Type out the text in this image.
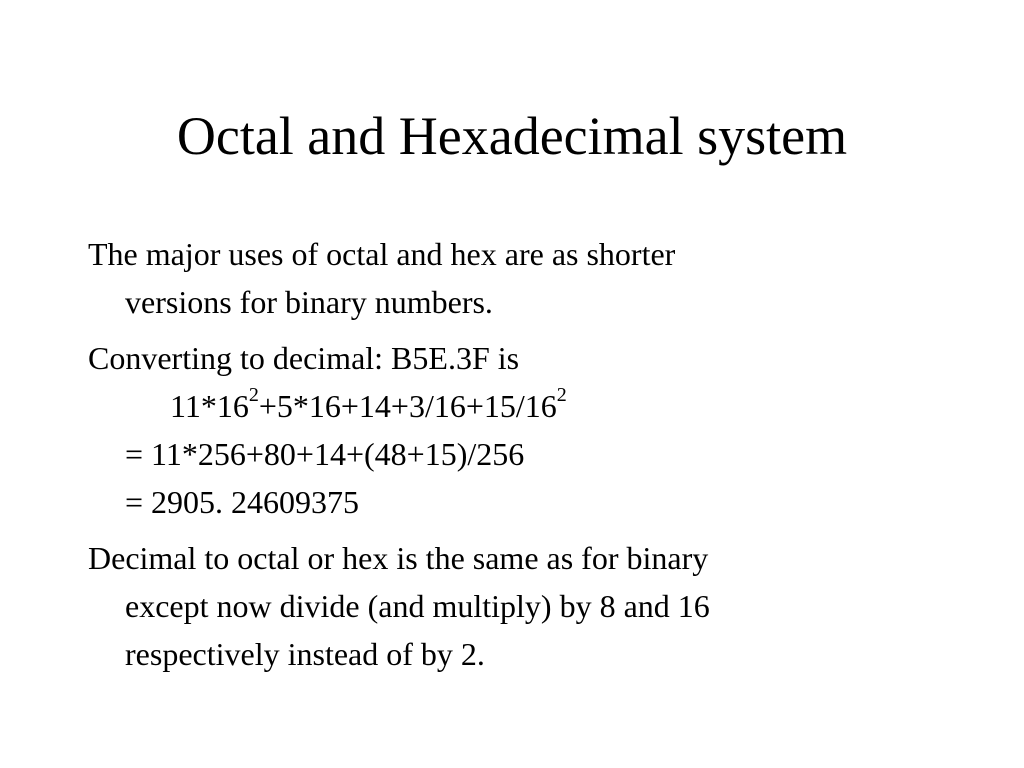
Octal and Hexadecimal system
The major uses of octal and hex are as shorter
versions for binary numbers.
Converting to decimal: B5E.3F is
$11*16^2+5*16+14+3/16+15/16^2$
= 11*256+80+14+(48+15)/256
= 2905. 24609375
Decimal to octal or hex is the same as for binary
except now divide (and multiply) by 8 and 16
respectively instead of by 2.
